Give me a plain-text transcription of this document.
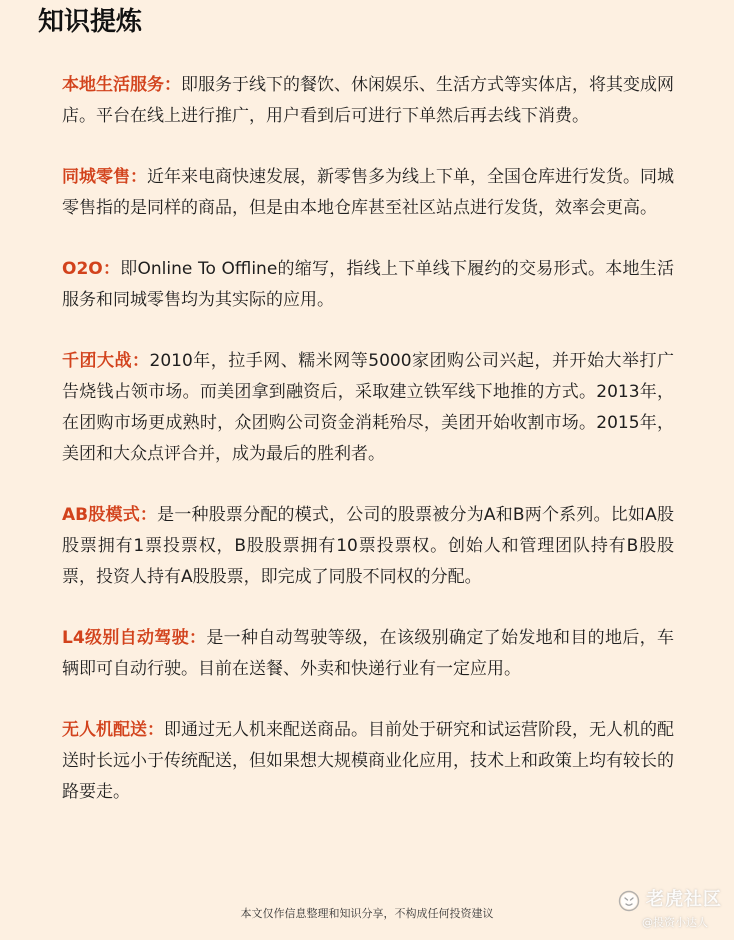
知识提炼

本地生活服务：即服务于线下的餐饮、休闲娱乐、生活方式等实体店，将其变成网店。平台在线上进行推广，用户看到后可进行下单然后再去线下消费。

同城零售：近年来电商快速发展，新零售多为线上下单，全国仓库进行发货。同城零售指的是同样的商品，但是由本地仓库甚至社区站点进行发货，效率会更高。

O2O：即Online To Offline的缩写，指线上下单线下履约的交易形式。本地生活服务和同城零售均为其实际的应用。

千团大战：2010年，拉手网、糯米网等5000家团购公司兴起，并开始大举打广告烧钱占领市场。而美团拿到融资后，采取建立铁军线下地推的方式。2013年，在团购市场更成熟时，众团购公司资金消耗殆尽，美团开始收割市场。2015年，美团和大众点评合并，成为最后的胜利者。

AB股模式：是一种股票分配的模式，公司的股票被分为A和B两个系列。比如A股股票拥有1票投票权，B股股票拥有10票投票权。创始人和管理团队持有B股股票，投资人持有A股股票，即完成了同股不同权的分配。

L4级别自动驾驶：是一种自动驾驶等级，在该级别确定了始发地和目的地后，车辆即可自动行驶。目前在送餐、外卖和快递行业有一定应用。

无人机配送：即通过无人机来配送商品。目前处于研究和试运营阶段，无人机的配送时长远小于传统配送，但如果想大规模商业化应用，技术上和政策上均有较长的路要走。

本文仅作信息整理和知识分享，不构成任何投资建议
老虎社区
@投资小达人
